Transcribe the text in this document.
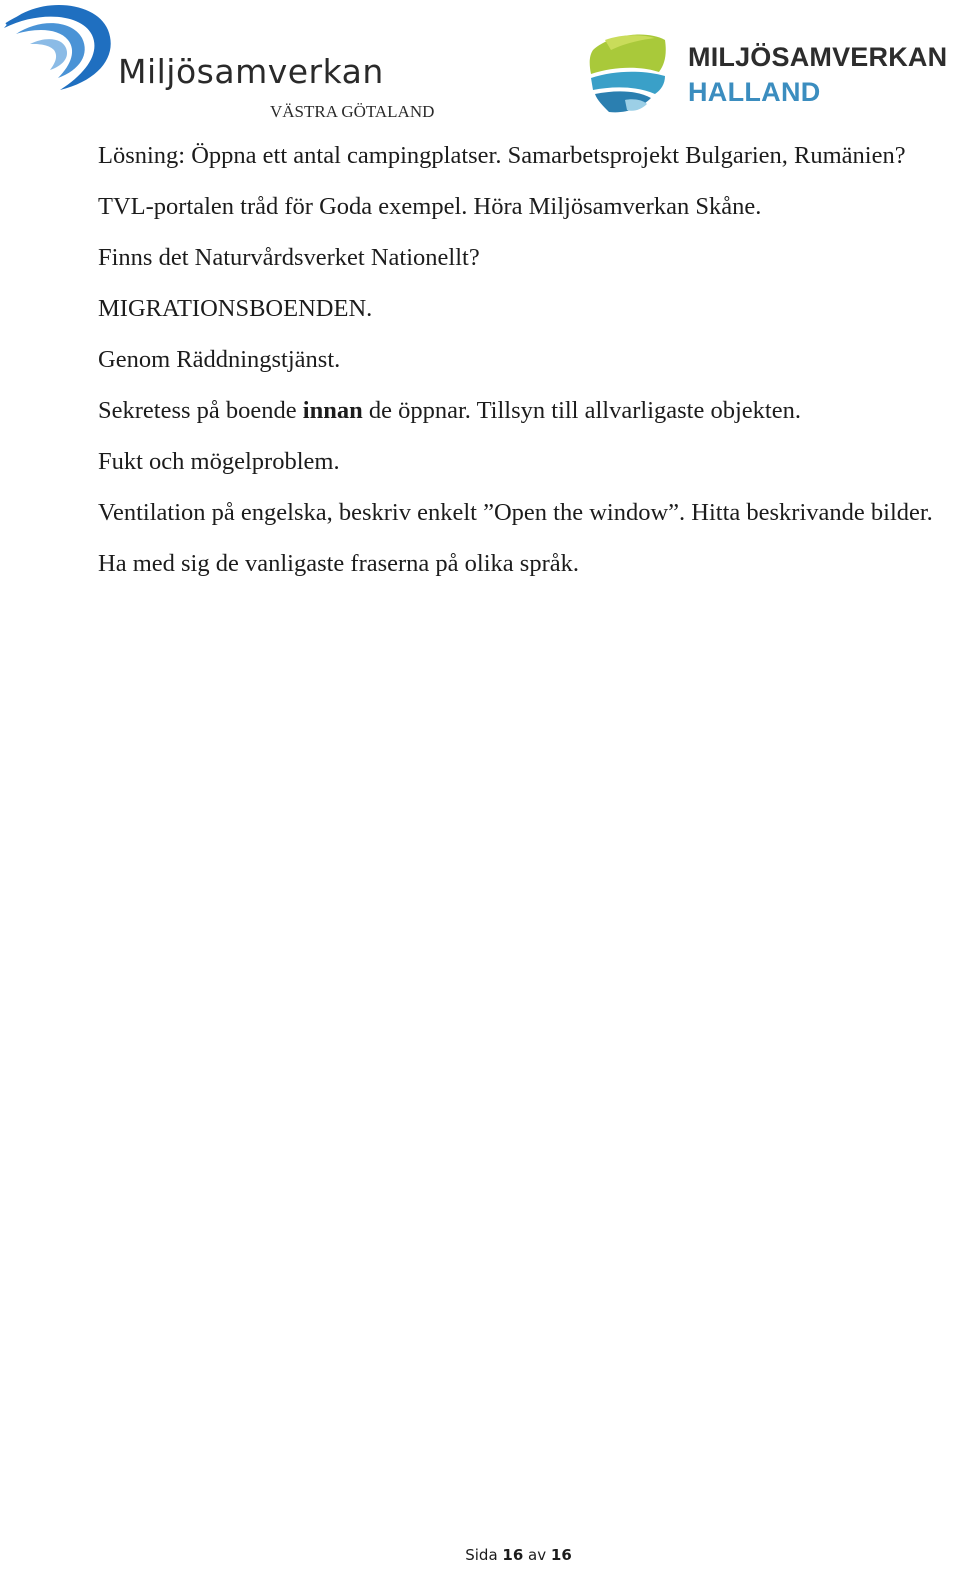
Miljösamverkan
VÄSTRA GÖTALAND
MILJÖSAMVERKAN
HALLAND

Lösning: Öppna ett antal campingplatser. Samarbetsprojekt Bulgarien, Rumänien?

TVL-portalen tråd för Goda exempel. Höra Miljösamverkan Skåne.

Finns det Naturvårdsverket Nationellt?

MIGRATIONSBOENDEN.

Genom Räddningstjänst.

Sekretess på boende innan de öppnar. Tillsyn till allvarligaste objekten.

Fukt och mögelproblem.

Ventilation på engelska, beskriv enkelt ”Open the window”. Hitta beskrivande bilder.

Ha med sig de vanligaste fraserna på olika språk.

Sida 16 av 16
